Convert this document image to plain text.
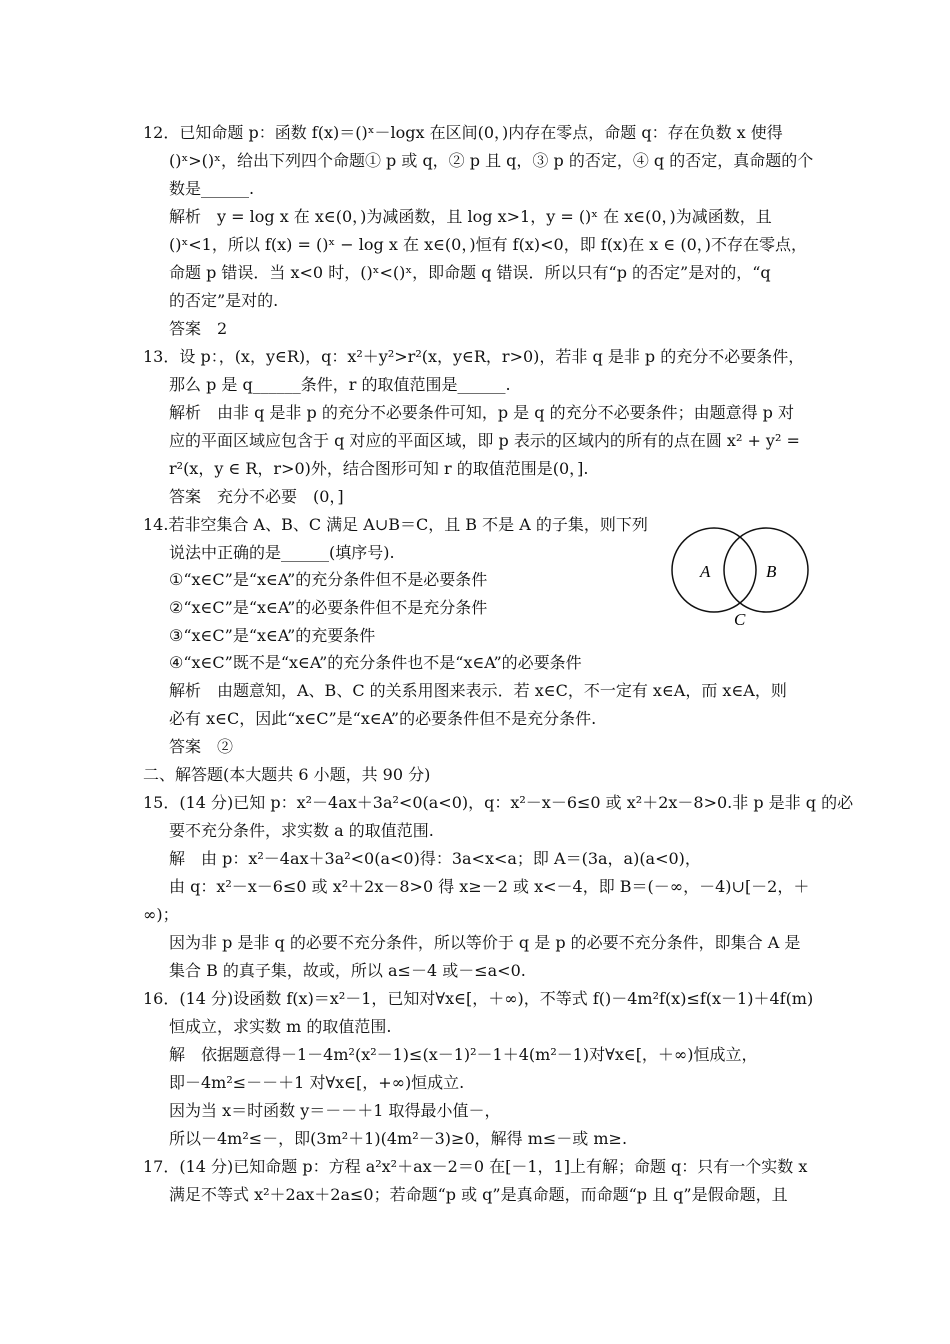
12．已知命题 p：函数 f(x)＝()ˣ－logx 在区间(0，)内存在零点，命题 q：存在负数 x 使得
()ˣ>()ˣ，给出下列四个命题① p 或 q，② p 且 q，③ p 的否定，④ q 的否定，真命题的个
数是______.
解析　y = log x 在 x∈(0，)为减函数，且 log x>1，y = ()ˣ 在 x∈(0，)为减函数，且
()ˣ<1，所以 f(x) = ()ˣ − log x 在 x∈(0，)恒有 f(x)<0，即 f(x)在 x ∈ (0，)不存在零点，
命题 p 错误．当 x<0 时，()ˣ<()ˣ，即命题 q 错误．所以只有“p 的否定”是对的，“q
的否定”是对的.
答案　2
13．设 p：，(x，y∈R)，q：x²＋y²>r²(x，y∈R，r>0)，若非 q 是非 p 的充分不必要条件，
那么 p 是 q______条件，r 的取值范围是______.
解析　由非 q 是非 p 的充分不必要条件可知，p 是 q 的充分不必要条件；由题意得 p 对
应的平面区域应包含于 q 对应的平面区域，即 p 表示的区域内的所有的点在圆 x² + y² =
r²(x，y ∈ R，r>0)外，结合图形可知 r 的取值范围是(0，].
答案　充分不必要　(0，]
14.若非空集合 A、B、C 满足 A∪B＝C，且 B 不是 A 的子集，则下列
说法中正确的是______(填序号).
①“x∈C”是“x∈A”的充分条件但不是必要条件
②“x∈C”是“x∈A”的必要条件但不是充分条件
③“x∈C”是“x∈A”的充要条件
④“x∈C”既不是“x∈A”的充分条件也不是“x∈A”的必要条件
解析　由题意知，A、B、C 的关系用图来表示．若 x∈C，不一定有 x∈A，而 x∈A，则
必有 x∈C，因此“x∈C”是“x∈A”的必要条件但不是充分条件.
答案　②
二、解答题(本大题共 6 小题，共 90 分)
15．(14 分)已知 p：x²－4ax＋3a²<0(a<0)，q：x²－x－6≤0 或 x²＋2x－8>0.非 p 是非 q 的必
要不充分条件，求实数 a 的取值范围.
解　由 p：x²－4ax＋3a²<0(a<0)得：3a<x<a；即 A＝(3a，a)(a<0)，
由 q：x²－x－6≤0 或 x²＋2x－8>0 得 x≥－2 或 x<－4，即 B＝(－∞，－4)∪[－2，＋
∞)；
因为非 p 是非 q 的必要不充分条件，所以等价于 q 是 p 的必要不充分条件，即集合 A 是
集合 B 的真子集，故或，所以 a≤－4 或－≤a<0.
16．(14 分)设函数 f(x)＝x²－1，已知对∀x∈[，＋∞)，不等式 f()－4m²f(x)≤f(x－1)＋4f(m)
恒成立，求实数 m 的取值范围.
解　依据题意得－1－4m²(x²－1)≤(x－1)²－1＋4(m²－1)对∀x∈[，＋∞)恒成立，
即－4m²≤－－＋1 对∀x∈[，+∞)恒成立.
因为当 x＝时函数 y＝－－＋1 取得最小值－，
所以－4m²≤－，即(3m²＋1)(4m²－3)≥0，解得 m≤－或 m≥.
17．(14 分)已知命题 p：方程 a²x²＋ax－2＝0 在[－1，1]上有解；命题 q：只有一个实数 x
满足不等式 x²＋2ax＋2a≤0；若命题“p 或 q”是真命题，而命题“p 且 q”是假命题，且
A	B
C
